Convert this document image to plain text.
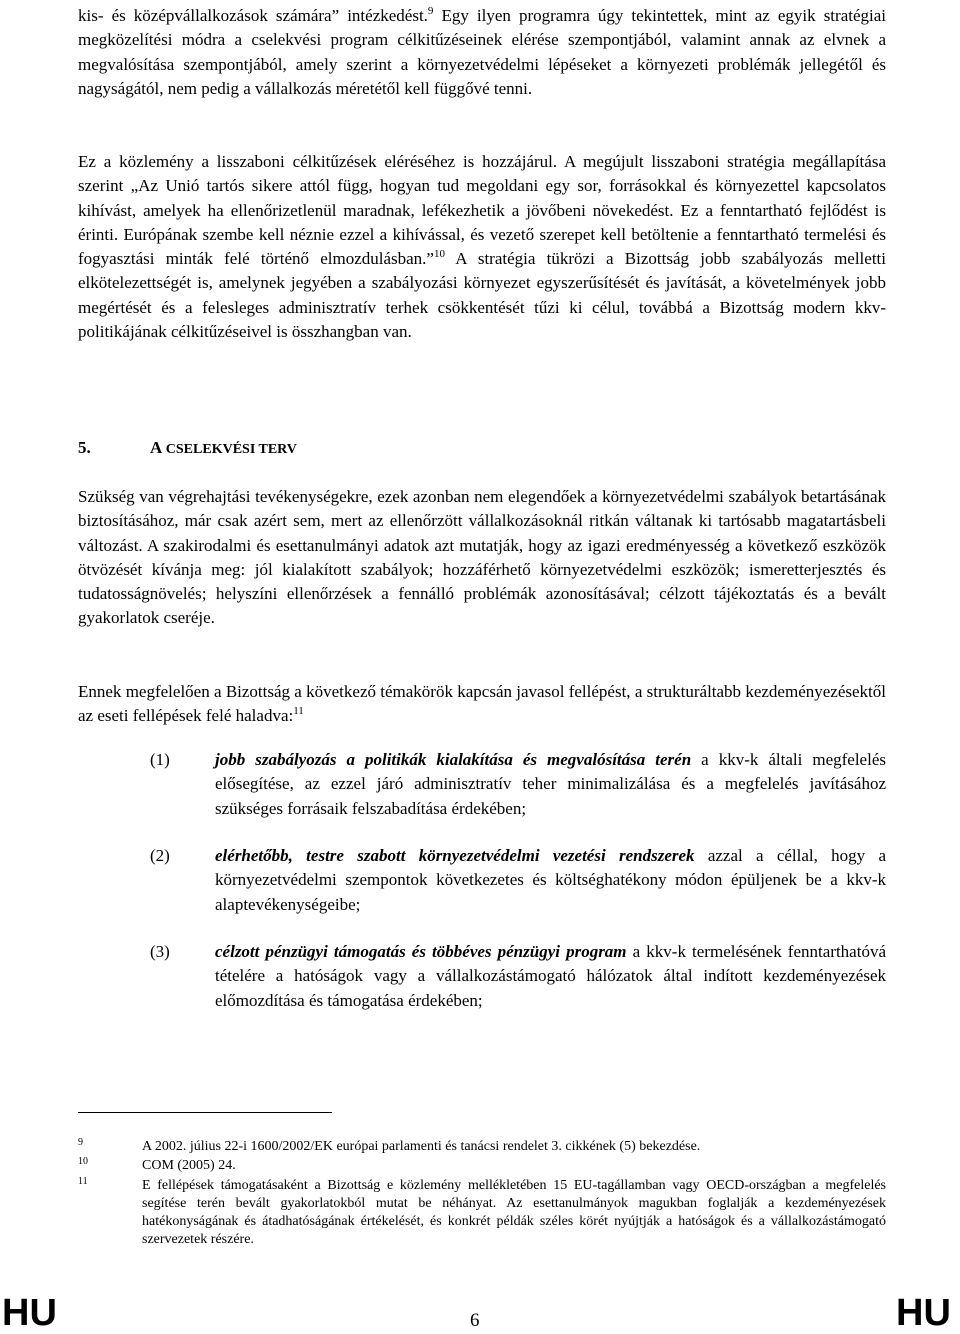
kis- és középvállalkozások számára” intézkedést.$^9$ Egy ilyen programra úgy tekintettek, mint az egyik stratégiai megközelítési módra a cselekvési program célkitűzéseinek elérése szempontjából, valamint annak az elvnek a megvalósítása szempontjából, amely szerint a környezetvédelmi lépéseket a környezeti problémák jellegétől és nagyságától, nem pedig a vállalkozás méretétől kell függővé tenni.

Ez a közlemény a lisszaboni célkitűzések eléréséhez is hozzájárul. A megújult lisszaboni stratégia megállapítása szerint „Az Unió tartós sikere attól függ, hogyan tud megoldani egy sor, forrásokkal és környezettel kapcsolatos kihívást, amelyek ha ellenőrizetlenül maradnak, lefékezhetik a jövőbeni növekedést. Ez a fenntartható fejlődést is érinti. Európának szembe kell néznie ezzel a kihívással, és vezető szerepet kell betöltenie a fenntartható termelési és fogyasztási minták felé történő elmozdulásban.”$^{10}$ A stratégia tükrözi a Bizottság jobb szabályozás melletti elkötelezettségét is, amelynek jegyében a szabályozási környezet egyszerűsítését és javítását, a követelmények jobb megértését és a felesleges adminisztratív terhek csökkentését tűzi ki célul, továbbá a Bizottság modern kkv-politikájának célkitűzéseivel is összhangban van.

5.	A CSELEKVÉSI TERV

Szükség van végrehajtási tevékenységekre, ezek azonban nem elegendőek a környezetvédelmi szabályok betartásának biztosításához, már csak azért sem, mert az ellenőrzött vállalkozásoknál ritkán váltanak ki tartósabb magatartásbeli változást. A szakirodalmi és esettanulmányi adatok azt mutatják, hogy az igazi eredményesség a következő eszközök ötvözését kívánja meg: jól kialakított szabályok; hozzáférhető környezetvédelmi eszközök; ismeretterjesztés és tudatosságnövelés; helyszíni ellenőrzések a fennálló problémák azonosításával; célzott tájékoztatás és a bevált gyakorlatok cseréje.

Ennek megfelelően a Bizottság a következő témakörök kapcsán javasol fellépést, a strukturáltabb kezdeményezésektől az eseti fellépések felé haladva:$^{11}$

(1)	jobb szabályozás a politikák kialakítása és megvalósítása terén a kkv-k általi megfelelés elősegítése, az ezzel járó adminisztratív teher minimalizálása és a megfelelés javításához szükséges forrásaik felszabadítása érdekében;
(2)	elérhetőbb, testre szabott környezetvédelmi vezetési rendszerek azzal a céllal, hogy a környezetvédelmi szempontok következetes és költséghatékony módon épüljenek be a kkv-k alaptevékenységeibe;
(3)	célzott pénzügyi támogatás és többéves pénzügyi program a kkv-k termelésének fenntarthatóvá tételére a hatóságok vagy a vállalkozástámogató hálózatok által indított kezdeményezések előmozdítása és támogatása érdekében;
9	A 2002. július 22-i 1600/2002/EK európai parlamenti és tanácsi rendelet 3. cikkének (5) bekezdése.
10	COM (2005) 24.
11	E fellépések támogatásaként a Bizottság e közlemény mellékletében 15 EU-tagállamban vagy OECD-országban a megfelelés segítése terén bevált gyakorlatokból mutat be néhányat. Az esettanulmányok magukban foglalják a kezdeményezések hatékonyságának és átadhatóságának értékelését, és konkrét példák széles körét nyújtják a hatóságok és a vállalkozástámogató szervezetek részére.
HU	6	HU
